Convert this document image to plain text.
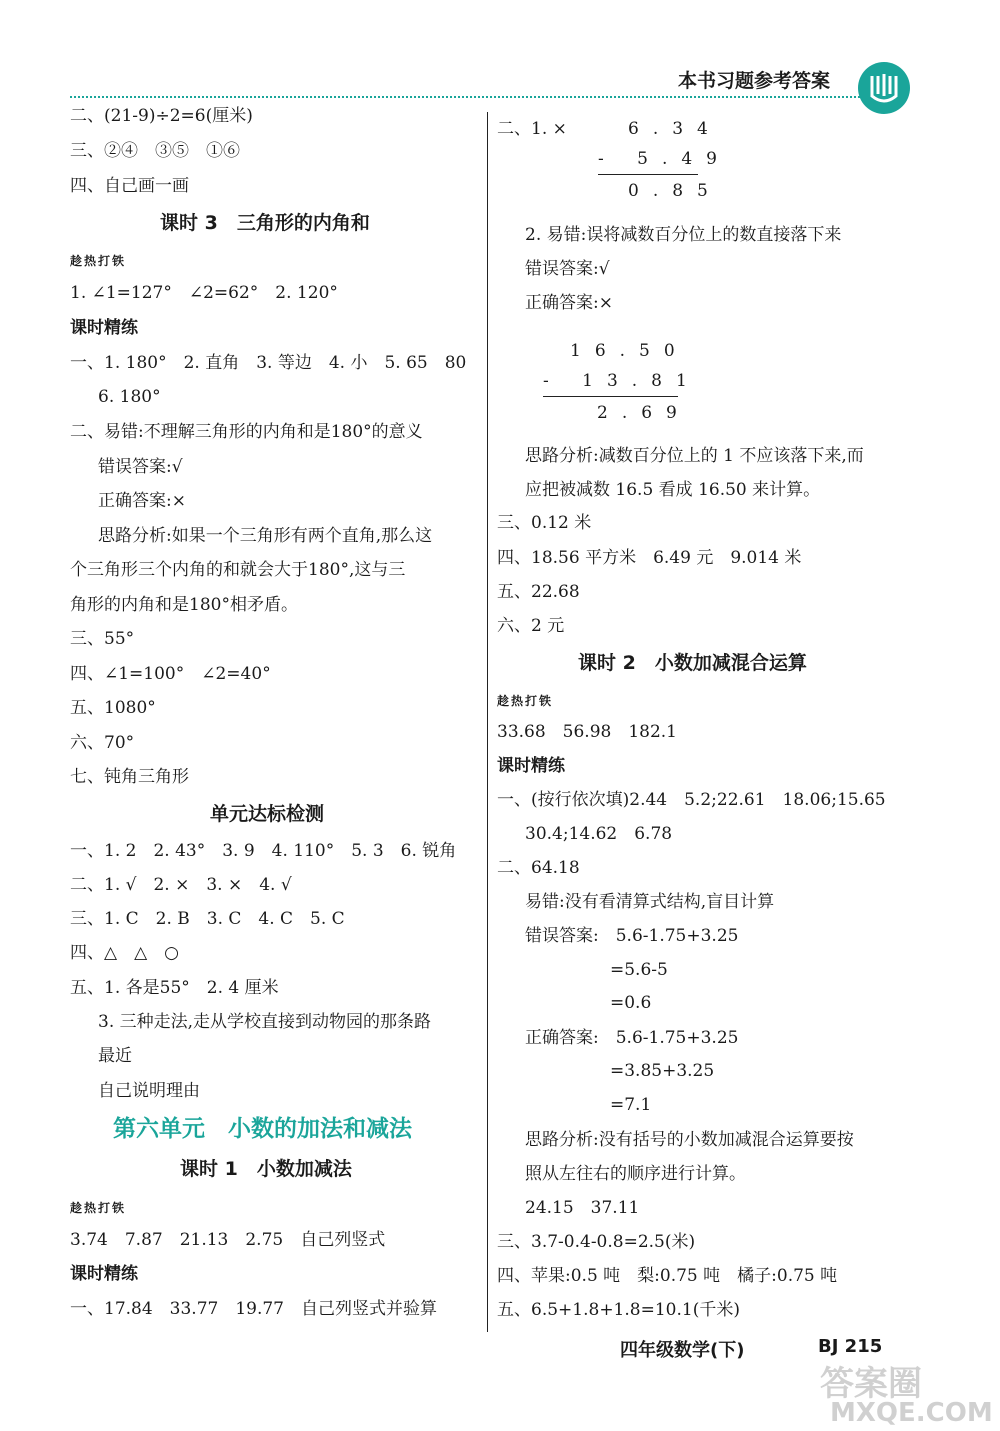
本书习题参考答案
二、(21-9)÷2=6(厘米)
三、②④　③⑤　①⑥
四、自己画一画
课时 3　三角形的内角和
趁热打铁
1. ∠1=127°　∠2=62°　2. 120°
课时精练
一、1. 180°　2. 直角　3. 等边　4. 小　5. 65　80
6. 180°
二、易错:不理解三角形的内角和是180°的意义
错误答案:√
正确答案:×
思路分析:如果一个三角形有两个直角,那么这
个三角形三个内角的和就会大于180°,这与三
角形的内角和是180°相矛盾。
三、55°
四、∠1=100°　∠2=40°
五、1080°
六、70°
七、钝角三角形
单元达标检测
一、1. 2　2. 43°　3. 9　4. 110°　5. 3　6. 锐角
二、1. √　2. ×　3. ×　4. √
三、1. C　2. B　3. C　4. C　5. C
四、△　△　○
五、1. 各是55°　2. 4 厘米
3. 三种走法,走从学校直接到动物园的那条路
最近
自己说明理由
第六单元　小数的加法和减法
课时 1　小数加减法
趁热打铁
3.74　7.87　21.13　2.75　自己列竖式
课时精练
一、17.84　33.77　19.77　自己列竖式并验算
二、1. ×	6.34
- 5.49
0.85
2. 易错:误将减数百分位上的数直接落下来
错误答案:√
正确答案:×
16.50
- 13.81
2.69
思路分析:减数百分位上的 1 不应该落下来,而
应把被减数 16.5 看成 16.50 来计算。
三、0.12 米
四、18.56 平方米　6.49 元　9.014 米
五、22.68
六、2 元
课时 2　小数加减混合运算
趁热打铁
33.68　56.98　182.1
课时精练
一、(按行依次填)2.44　5.2;22.61　18.06;15.65
30.4;14.62　6.78
二、64.18
易错:没有看清算式结构,盲目计算
错误答案:　5.6-1.75+3.25
=5.6-5
=0.6
正确答案:　5.6-1.75+3.25
=3.85+3.25
=7.1
思路分析:没有括号的小数加减混合运算要按
照从左往右的顺序进行计算。
24.15　37.11
三、3.7-0.4-0.8=2.5(米)
四、苹果:0.5 吨　梨:0.75 吨　橘子:0.75 吨
五、6.5+1.8+1.8=10.1(千米)
四年级数学(下)	BJ 215
答案圈
MXQE.COM
